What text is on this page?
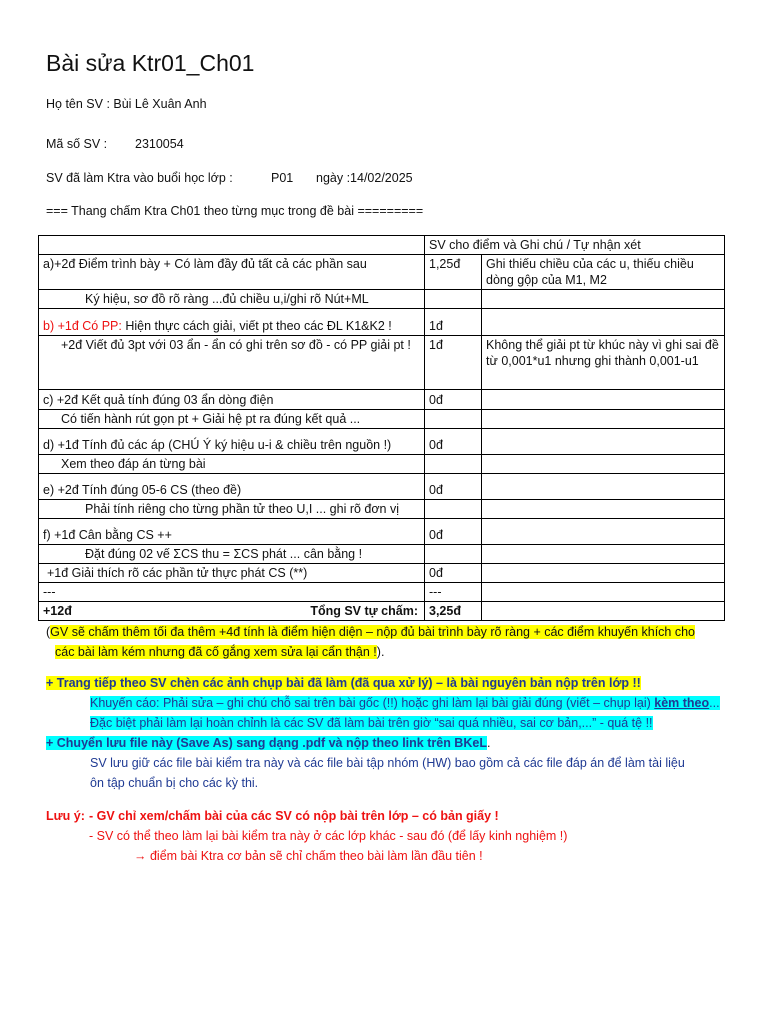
Bài sửa Ktr01_Ch01
Họ tên SV : Bùi Lê Xuân Anh
Mã số SV : 2310054
SV đã làm Ktra vào buổi học lớp :	P01 ngày :14/02/2025
=== Thang chấm Ktra Ch01 theo từng mục trong đề bài =========
	SV cho điểm và Ghi chú / Tự nhận xét	
a)+2đ Điểm trình bày + Có làm đầy đủ tất cả các phần sau	1,25đ	Ghi thiếu chiều của các u, thiếu chiều dòng gộp của M1, M2
Ký hiệu, sơ đồ rõ ràng ...đủ chiều u,i/ghi rõ Nút+ML		
b) +1đ Có PP: Hiện thực cách giải, viết pt theo các ĐL K1&K2 !	1đ	
+2đ Viết đủ 3pt với 03 ẩn - ẩn có ghi trên sơ đồ - có PP giải pt !	1đ	Không thể giải pt từ khúc này vì ghi sai đề từ 0,001*u1 nhưng ghi thành 0,001-u1
c) +2đ Kết quả tính đúng 03 ẩn dòng điện	0đ	
Có tiến hành rút gọn pt + Giải hệ pt ra đúng kết quả ...		
d) +1đ Tính đủ các áp (CHÚ Ý ký hiệu u-i & chiều trên nguồn !)	0đ	
Xem theo đáp án từng bài		
e) +2đ Tính đúng 05-6 CS (theo đề)	0đ	
Phải tính riêng cho từng phần tử theo U,I ... ghi rõ đơn vị		
f) +1đ Cân bằng CS ++	0đ	
Đặt đúng 02 vế ΣCS thu = ΣCS phát ... cân bằng !		
+1đ Giải thích rõ các phần tử thực phát CS (**)	0đ	
---	---	
+12đ Tổng SV tự chấm:	3,25đ	
(GV sẽ chấm thêm tối đa thêm +4đ tính là điểm hiện diện – nộp đủ bài trình bày rõ ràng + các điểm khuyến khích cho
các bài làm kém nhưng đã cố gắng xem sửa lại cẩn thận !).
+ Trang tiếp theo SV chèn các ảnh chụp bài đã làm (đã qua xử lý) – là bài nguyên bản nộp trên lớp !!
Khuyến cáo: Phải sửa – ghi chú chỗ sai trên bài gốc (!!) hoặc ghi làm lại bài giải đúng (viết – chụp lại) kèm theo...
Đặc biệt phải làm lại hoàn chỉnh là các SV đã làm bài trên giờ “sai quá nhiều, sai cơ bản,...” - quá tệ !!
+ Chuyển lưu file này (Save As) sang dạng .pdf và nộp theo link trên BKeL.
SV lưu giữ các file bài kiểm tra này và các file bài tập nhóm (HW) bao gồm cả các file đáp án để làm tài liệu
ôn tập chuẩn bị cho các kỳ thi.
Lưu ý: - GV chỉ xem/chấm bài của các SV có nộp bài trên lớp – có bản giấy !
- SV có thể theo làm lại bài kiểm tra này ở các lớp khác - sau đó (để lấy kinh nghiệm !)
→ điểm bài Ktra cơ bản sẽ chỉ chấm theo bài làm lần đầu tiên !
